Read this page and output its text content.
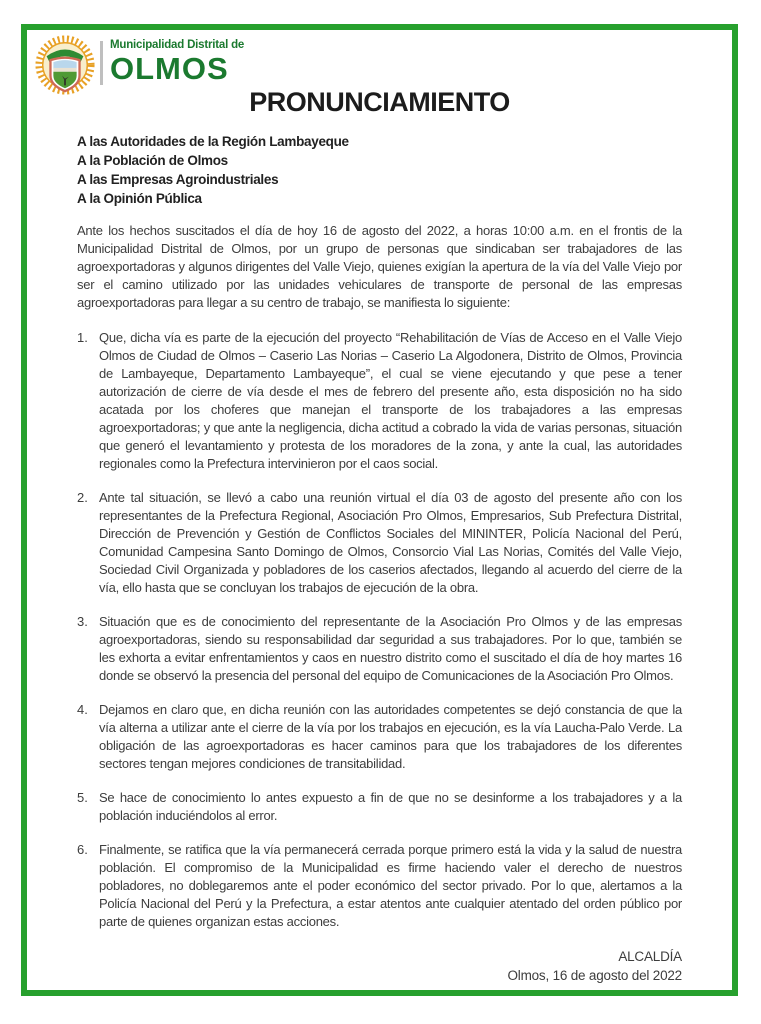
Municipalidad Distrital de
OLMOS
PRONUNCIAMIENTO
A las Autoridades de la Región Lambayeque
A la Población de Olmos
A las Empresas Agroindustriales
A la Opinión Pública

Ante los hechos suscitados el día de hoy 16 de agosto del 2022, a horas 10:00 a.m. en el frontis de la Municipalidad Distrital de Olmos, por un grupo de personas que sindicaban ser trabajadores de las agroexportadoras y algunos dirigentes del Valle Viejo, quienes exigían la apertura de la vía del Valle Viejo por ser el camino utilizado por las unidades vehiculares de transporte de personal de las empresas agroexportadoras para llegar a su centro de trabajo, se manifiesta lo siguiente:

1. Que, dicha vía es parte de la ejecución del proyecto “Rehabilitación de Vías de Acceso en el Valle Viejo Olmos de Ciudad de Olmos – Caserio Las Norias – Caserio La Algodonera, Distrito de Olmos, Provincia de Lambayeque, Departamento Lambayeque”, el cual se viene ejecutando y que pese a tener autorización de cierre de vía desde el mes de febrero del presente año, esta disposición no ha sido acatada por los choferes que manejan el transporte de los trabajadores a las empresas agroexportadoras; y que ante la negligencia, dicha actitud a cobrado la vida de varias personas, situación que generó el levantamiento y protesta de los moradores de la zona, y ante la cual, las autoridades regionales como la Prefectura intervinieron por el caos social.
2. Ante tal situación, se llevó a cabo una reunión virtual el día 03 de agosto del presente año con los representantes de la Prefectura Regional, Asociación Pro Olmos, Empresarios, Sub Prefectura Distrital, Dirección de Prevención y Gestión de Conflictos Sociales del MININTER, Policía Nacional del Perú, Comunidad Campesina Santo Domingo de Olmos, Consorcio Vial Las Norias, Comités del Valle Viejo, Sociedad Civil Organizada y pobladores de los caserios afectados, llegando al acuerdo del cierre de la vía, ello hasta que se concluyan los trabajos de ejecución de la obra.
3. Situación que es de conocimiento del representante de la Asociación Pro Olmos y de las empresas agroexportadoras, siendo su responsabilidad dar seguridad a sus trabajadores. Por lo que, también se les exhorta a evitar enfrentamientos y caos en nuestro distrito como el suscitado el día de hoy martes 16 donde se observó la presencia del personal del equipo de Comunicaciones de la Asociación Pro Olmos.
4. Dejamos en claro que, en dicha reunión con las autoridades competentes se dejó constancia de que la vía alterna a utilizar ante el cierre de la vía por los trabajos en ejecución, es la vía Laucha-Palo Verde. La obligación de las agroexportadoras es hacer caminos para que los trabajadores de los diferentes sectores tengan mejores condiciones de transitabilidad.
5. Se hace de conocimiento lo antes expuesto a fin de que no se desinforme a los trabajadores y a la población induciéndolos al error.
6. Finalmente, se ratifica que la vía permanecerá cerrada porque primero está la vida y la salud de nuestra población. El compromiso de la Municipalidad es firme haciendo valer el derecho de nuestros pobladores, no doblegaremos ante el poder económico del sector privado. Por lo que, alertamos a la Policía Nacional del Perú y la Prefectura, a estar atentos ante cualquier atentado del orden público por parte de quienes organizan estas acciones.
ALCALDÍA
Olmos, 16 de agosto del 2022
